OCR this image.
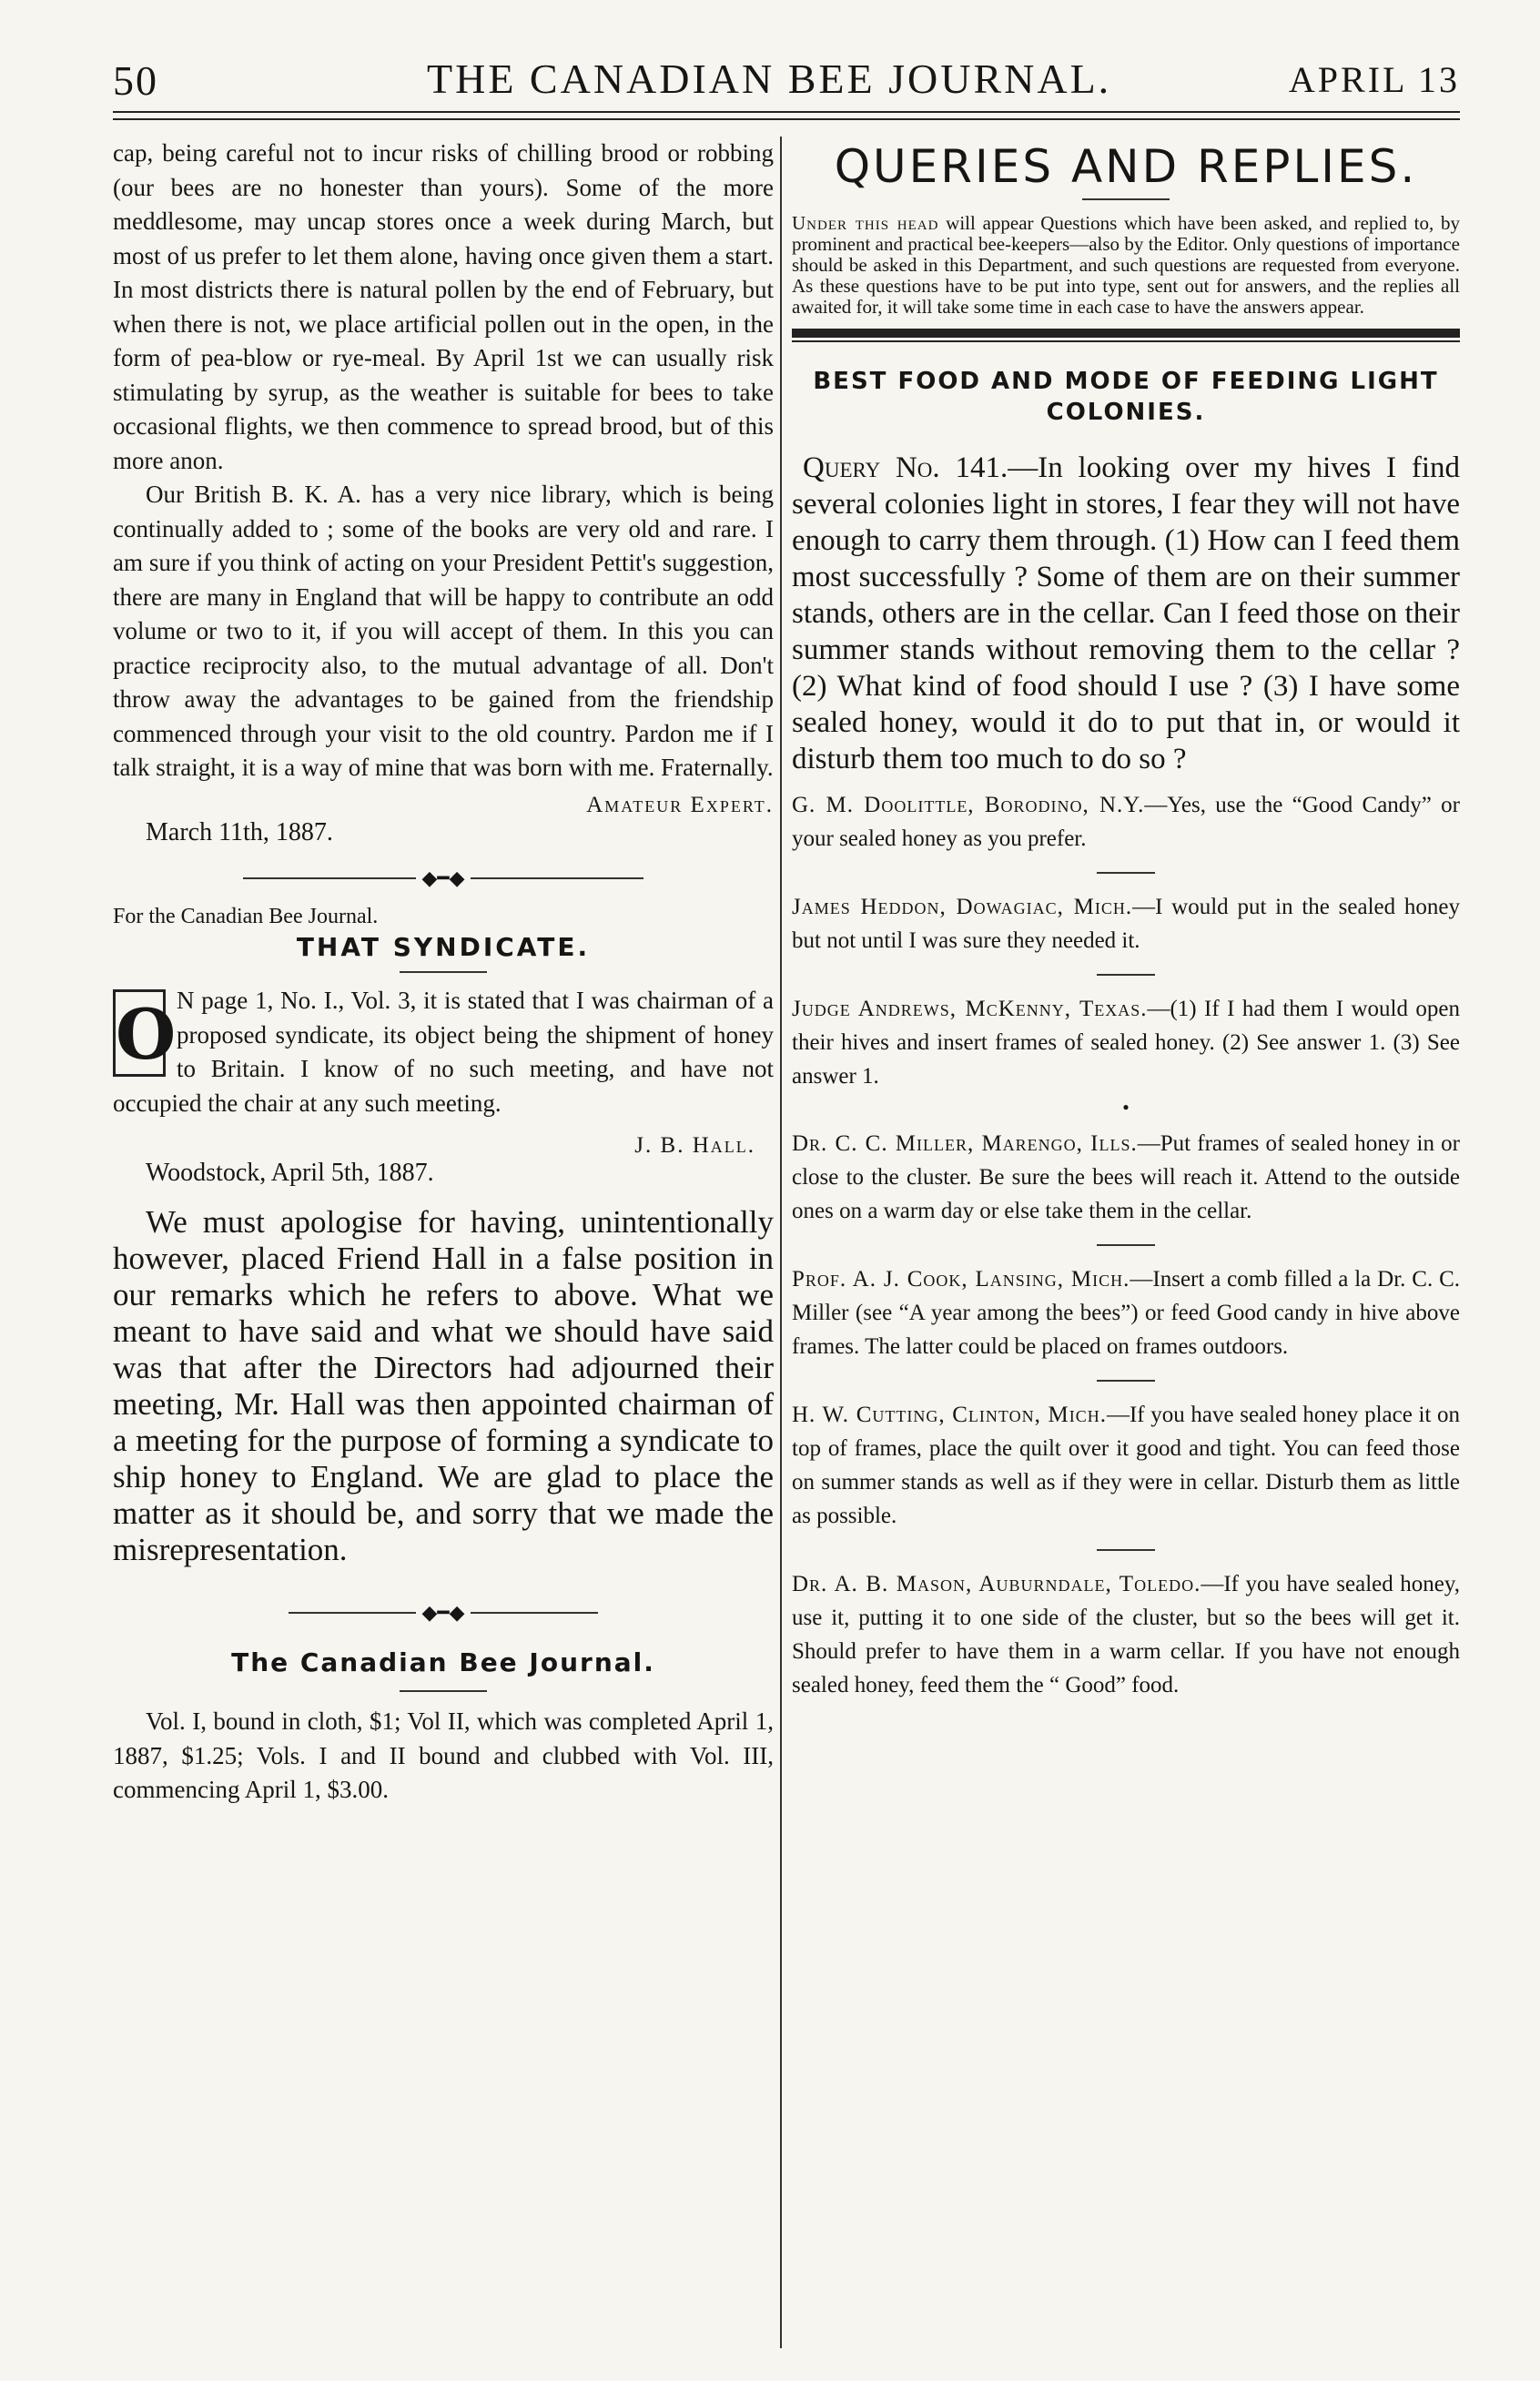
50	THE CANADIAN BEE JOURNAL.	APRIL 13

cap, being careful not to incur risks of chilling brood or robbing (our bees are no honester than yours). Some of the more meddlesome, may uncap stores once a week during March, but most of us prefer to let them alone, having once given them a start. In most districts there is natural pollen by the end of February, but when there is not, we place artificial pollen out in the open, in the form of pea-blow or rye-meal. By April 1st we can usually risk stimulating by syrup, as the weather is suitable for bees to take occasional flights, we then commence to spread brood, but of this more anon.

Our British B. K. A. has a very nice library, which is being continually added to ; some of the books are very old and rare. I am sure if you think of acting on your President Pettit's suggestion, there are many in England that will be happy to contribute an odd volume or two to it, if you will accept of them. In this you can practice reciprocity also, to the mutual advantage of all. Don't throw away the advantages to be gained from the friendship commenced through your visit to the old country. Pardon me if I talk straight, it is a way of mine that was born with me. Fraternally.

Amateur Expert.
March 11th, 1887.
◆━◆
For the Canadian Bee Journal.
THAT SYNDICATE.
O N page 1, No. I., Vol. 3, it is stated that I was chairman of a proposed syndicate, its object being the shipment of honey to Britain. I know of no such meeting, and have not occupied the chair at any such meeting.

J. B. Hall.
Woodstock, April 5th, 1887.

We must apologise for having, unintentionally however, placed Friend Hall in a false position in our remarks which he refers to above. What we meant to have said and what we should have said was that after the Directors had adjourned their meeting, Mr. Hall was then appointed chairman of a meeting for the purpose of forming a syndicate to ship honey to England. We are glad to place the matter as it should be, and sorry that we made the misrepresentation.

◆━◆
The Canadian Bee Journal.

Vol. I, bound in cloth, $1; Vol II, which was completed April 1, 1887, $1.25; Vols. I and II bound and clubbed with Vol. III, commencing April 1, $3.00.

QUERIES AND REPLIES.

Under this head will appear Questions which have been asked, and replied to, by prominent and practical bee-keepers—also by the Editor. Only questions of importance should be asked in this Department, and such questions are requested from everyone. As these questions have to be put into type, sent out for answers, and the replies all awaited for, it will take some time in each case to have the answers appear.

BEST FOOD AND MODE OF FEEDING LIGHT COLONIES.

Query No. 141.—In looking over my hives I find several colonies light in stores, I fear they will not have enough to carry them through. (1) How can I feed them most successfully ? Some of them are on their summer stands, others are in the cellar. Can I feed those on their summer stands without removing them to the cellar ? (2) What kind of food should I use ? (3) I have some sealed honey, would it do to put that in, or would it disturb them too much to do so ?

G. M. Doolittle, Borodino, N.Y.—Yes, use the “Good Candy” or your sealed honey as you prefer.

James Heddon, Dowagiac, Mich.—I would put in the sealed honey but not until I was sure they needed it.

Judge Andrews, McKenny, Texas.—(1) If I had them I would open their hives and insert frames of sealed honey. (2) See answer 1. (3) See answer 1.

●

Dr. C. C. Miller, Marengo, Ills.—Put frames of sealed honey in or close to the cluster. Be sure the bees will reach it. Attend to the outside ones on a warm day or else take them in the cellar.

Prof. A. J. Cook, Lansing, Mich.—Insert a comb filled a la Dr. C. C. Miller (see “A year among the bees”) or feed Good candy in hive above frames. The latter could be placed on frames outdoors.

H. W. Cutting, Clinton, Mich.—If you have sealed honey place it on top of frames, place the quilt over it good and tight. You can feed those on summer stands as well as if they were in cellar. Disturb them as little as possible.

Dr. A. B. Mason, Auburndale, Toledo.—If you have sealed honey, use it, putting it to one side of the cluster, but so the bees will get it. Should prefer to have them in a warm cellar. If you have not enough sealed honey, feed them the “ Good” food.
